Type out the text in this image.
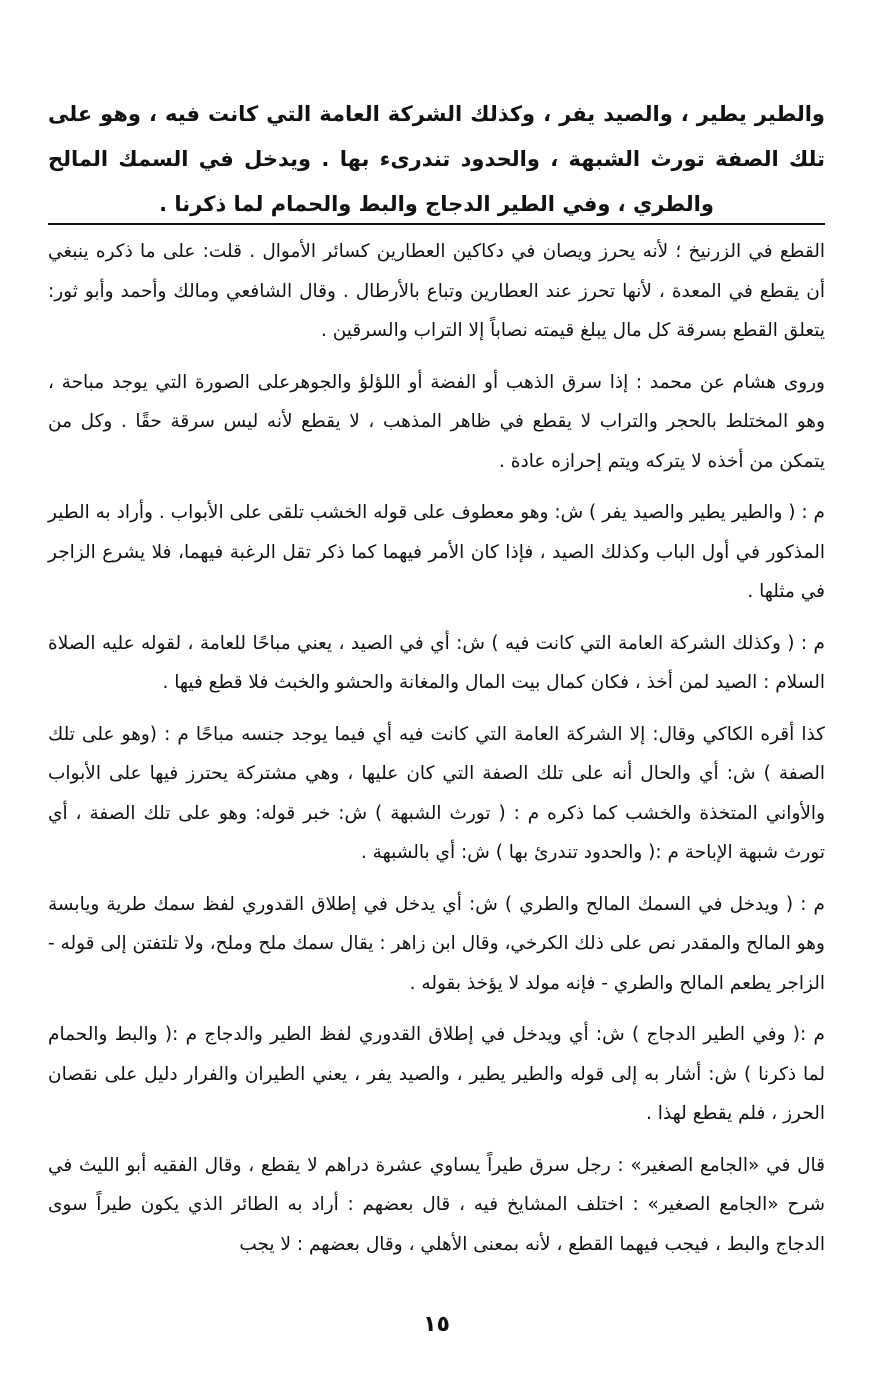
والطير يطير ، والصيد يفر ، وكذلك الشركة العامة التي كانت فيه ، وهو على تلك الصفة تورث الشبهة ، والحدود تندرىء بها . ويدخل في السمك المالح والطري ، وفي الطير الدجاج والبط والحمام لما ذكرنا .

القطع في الزرنيخ ؛ لأنه يحرز ويصان في دكاكين العطارين كسائر الأموال . قلت: على ما ذكره ينبغي أن يقطع في المعدة ، لأنها تحرز عند العطارين وتباع بالأرطال . وقال الشافعي ومالك وأحمد وأبو ثور: يتعلق القطع بسرقة كل مال يبلغ قيمته نصاباً إلا التراب والسرقين .

وروى هشام عن محمد : إذا سرق الذهب أو الفضة أو اللؤلؤ والجوهرعلى الصورة التي يوجد مباحة ، وهو المختلط بالحجر والتراب لا يقطع في ظاهر المذهب ، لا يقطع لأنه ليس سرقة حقًا . وكل من يتمكن من أخذه لا يتركه ويتم إحرازه عادة .

م : ( والطير يطير والصيد يفر ) ش: وهو معطوف على قوله الخشب تلقى على الأبواب . وأراد به الطير المذكور في أول الباب وكذلك الصيد ، فإذا كان الأمر فيهما كما ذكر تقل الرغبة فيهما، فلا يشرع الزاجر في مثلها .

م : ( وكذلك الشركة العامة التي كانت فيه ) ش: أي في الصيد ، يعني مباحًا للعامة ، لقوله عليه الصلاة السلام : الصيد لمن أخذ ، فكان كمال بيت المال والمغانة والحشو والخبث فلا قطع فيها .

كذا أقره الكاكي وقال: إلا الشركة العامة التي كانت فيه أي فيما يوجد جنسه مباحًا م : (وهو على تلك الصفة ) ش: أي والحال أنه على تلك الصفة التي كان عليها ، وهي مشتركة يحترز فيها على الأبواب والأواني المتخذة والخشب كما ذكره م : ( تورث الشبهة ) ش: خبر قوله: وهو على تلك الصفة ، أي تورث شبهة الإباحة م :( والحدود تندرئ بها ) ش: أي بالشبهة .

م : ( ويدخل في السمك المالح والطري ) ش: أي يدخل في إطلاق القدوري لفظ سمك طرية ويابسة وهو المالح والمقدر نص على ذلك الكرخي، وقال ابن زاهر : يقال سمك ملح وملح، ولا تلتفتن إلى قوله - الزاجر يطعم المالح والطري - فإنه مولد لا يؤخذ بقوله .

م :( وفي الطير الدجاج ) ش: أي ويدخل في إطلاق القدوري لفظ الطير والدجاج م :( والبط والحمام لما ذكرنا ) ش: أشار به إلى قوله والطير يطير ، والصيد يفر ، يعني الطيران والفرار دليل على نقصان الحرز ، فلم يقطع لهذا .

قال في «الجامع الصغير» : رجل سرق طيراً يساوي عشرة دراهم لا يقطع ، وقال الفقيه أبو الليث في شرح «الجامع الصغير» : اختلف المشايخ فيه ، قال بعضهم : أراد به الطائر الذي يكون طيراً سوى الدجاج والبط ، فيجب فيهما القطع ، لأنه بمعنى الأهلي ، وقال بعضهم : لا يجب

١٥
